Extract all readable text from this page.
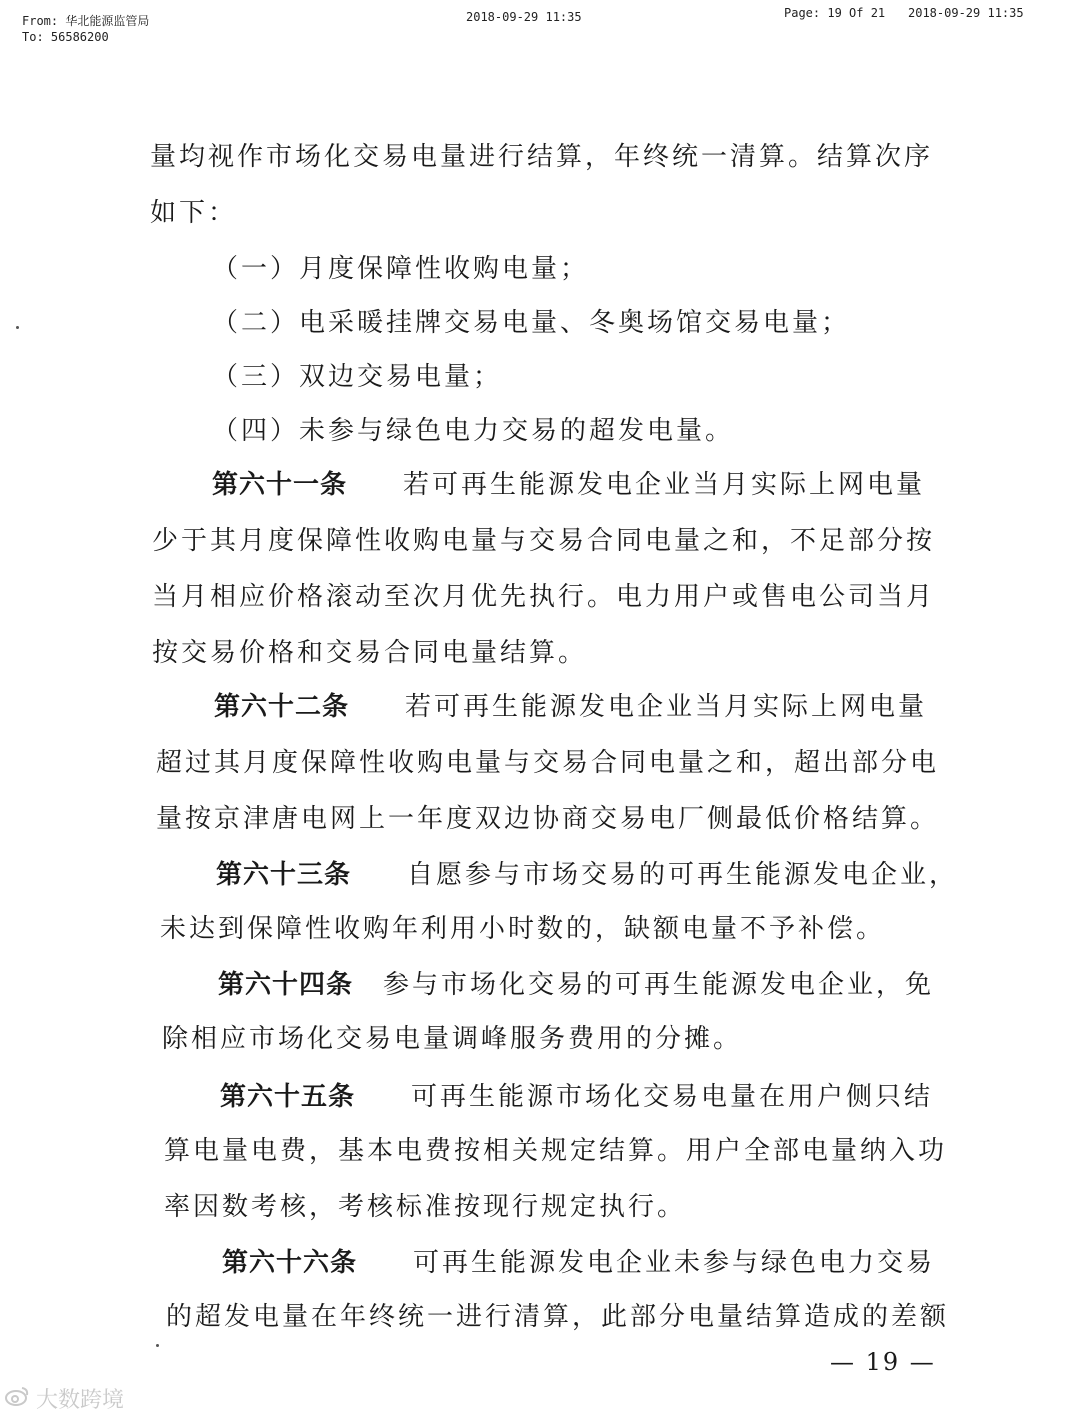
From: 华北能源监管局
To: 56586200
2018-09-29 11:35	Page: 19 Of 21 2018-09-29 11:35
量均视作市场化交易电量进行结算，年终统一清算。结算次序
如下：
（一）月度保障性收购电量；
（二）电采暖挂牌交易电量、冬奥场馆交易电量；
（三）双边交易电量；
（四）未参与绿色电力交易的超发电量。
第六十一条 若可再生能源发电企业当月实际上网电量
少于其月度保障性收购电量与交易合同电量之和，不足部分按
当月相应价格滚动至次月优先执行。电力用户或售电公司当月
按交易价格和交易合同电量结算。
第六十二条 若可再生能源发电企业当月实际上网电量
超过其月度保障性收购电量与交易合同电量之和，超出部分电
量按京津唐电网上一年度双边协商交易电厂侧最低价格结算。
第六十三条 自愿参与市场交易的可再生能源发电企业，
未达到保障性收购年利用小时数的，缺额电量不予补偿。
第六十四条 参与市场化交易的可再生能源发电企业，免
除相应市场化交易电量调峰服务费用的分摊。
第六十五条 可再生能源市场化交易电量在用户侧只结
算电量电费，基本电费按相关规定结算。用户全部电量纳入功
率因数考核，考核标准按现行规定执行。
第六十六条 可再生能源发电企业未参与绿色电力交易
的超发电量在年终统一进行清算，此部分电量结算造成的差额
— 19 —
大数跨境
